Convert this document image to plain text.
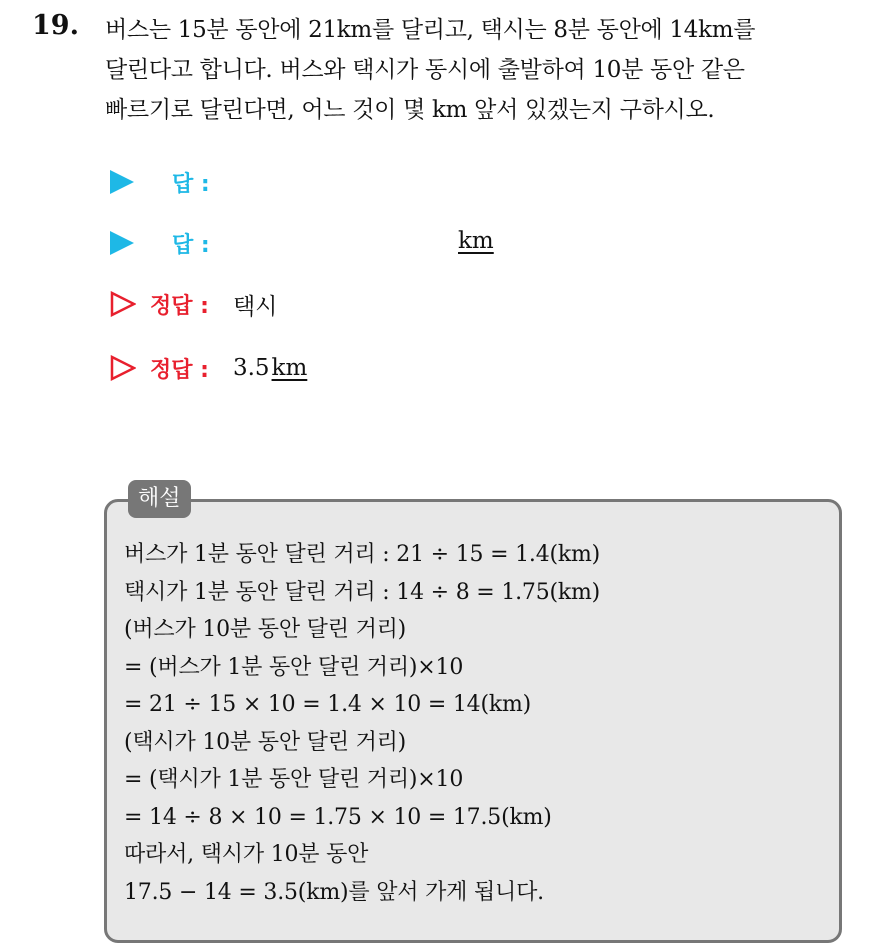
19. 버스는 15분 동안에 21km를 달리고, 택시는 8분 동안에 14km를
달린다고 합니다. 버스와 택시가 동시에 출발하여 10분 동안 같은
빠르기로 달린다면, 어느 것이 몇 km 앞서 있겠는지 구하시오.
답 :
답 :	km
정답 : 택시
정답 : 3.5 km
해설
버스가 1분 동안 달린 거리 : 21 ÷ 15 = 1.4(km)
택시가 1분 동안 달린 거리 : 14 ÷ 8 = 1.75(km)
(버스가 10분 동안 달린 거리)
= (버스가 1분 동안 달린 거리)×10
= 21 ÷ 15 × 10 = 1.4 × 10 = 14(km)
(택시가 10분 동안 달린 거리)
= (택시가 1분 동안 달린 거리)×10
= 14 ÷ 8 × 10 = 1.75 × 10 = 17.5(km)
따라서, 택시가 10분 동안
17.5 − 14 = 3.5(km)를 앞서 가게 됩니다.
